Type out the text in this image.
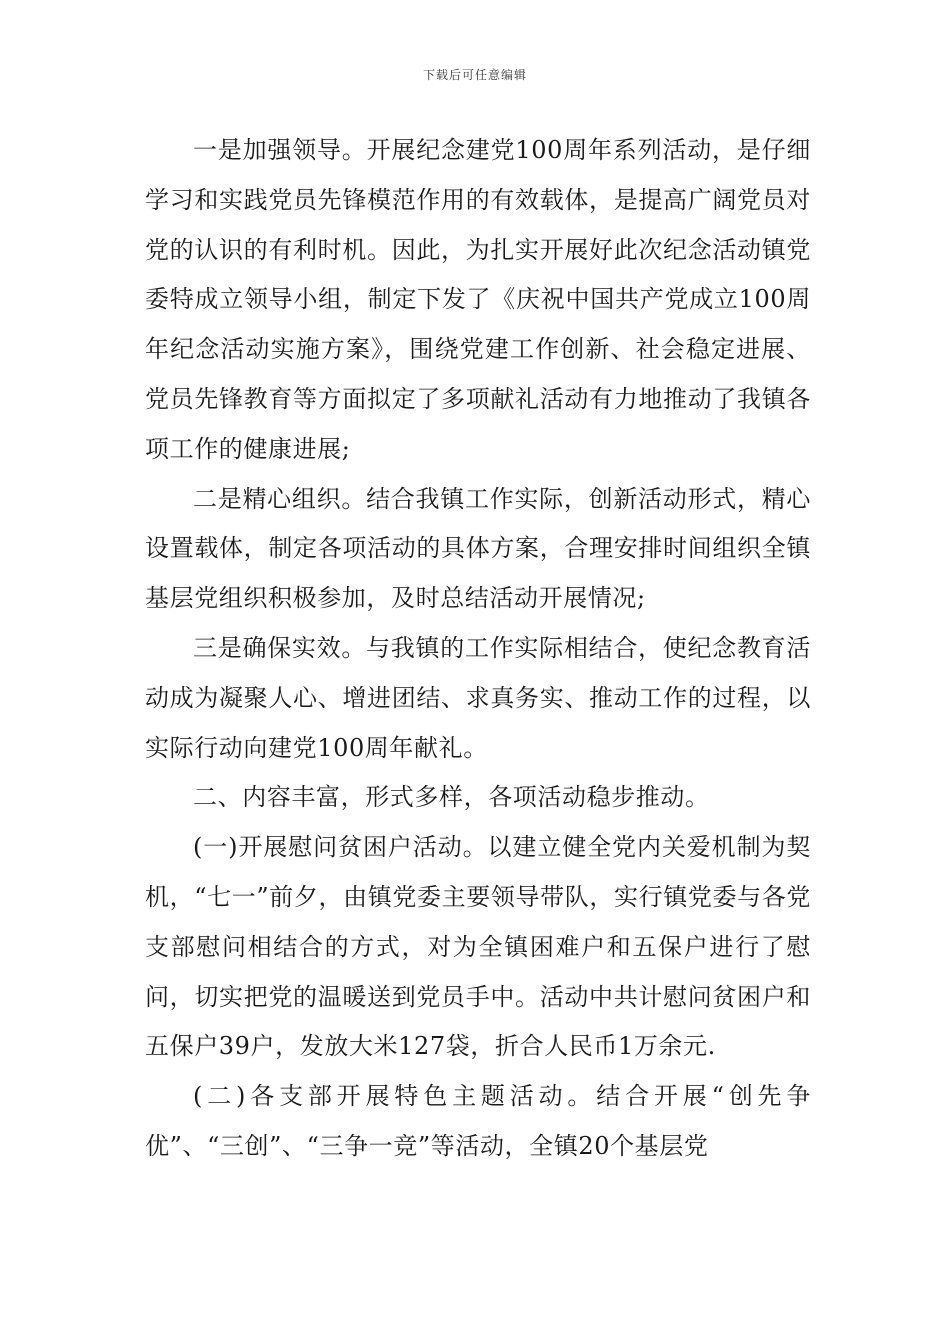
下载后可任意编辑

一是加强领导。开展纪念建党100周年系列活动，是仔细学习和实践党员先锋模范作用的有效载体，是提高广阔党员对党的认识的有利时机。因此，为扎实开展好此次纪念活动镇党委特成立领导小组，制定下发了《庆祝中国共产党成立100周年纪念活动实施方案》，围绕党建工作创新、社会稳定进展、党员先锋教育等方面拟定了多项献礼活动有力地推动了我镇各项工作的健康进展;

二是精心组织。结合我镇工作实际，创新活动形式，精心设置载体，制定各项活动的具体方案，合理安排时间组织全镇基层党组织积极参加，及时总结活动开展情况;

三是确保实效。与我镇的工作实际相结合，使纪念教育活动成为凝聚人心、增进团结、求真务实、推动工作的过程，以实际行动向建党100周年献礼。

二、内容丰富，形式多样，各项活动稳步推动。

(一)开展慰问贫困户活动。以建立健全党内关爱机制为契机，“七一”前夕，由镇党委主要领导带队，实行镇党委与各党支部慰问相结合的方式，对为全镇困难户和五保户进行了慰问，切实把党的温暖送到党员手中。活动中共计慰问贫困户和五保户39户，发放大米127袋，折合人民币1万余元.

(二)各支部开展特色主题活动。结合开展“创先争优”、“三创”、“三争一竞”等活动，全镇20个基层党
